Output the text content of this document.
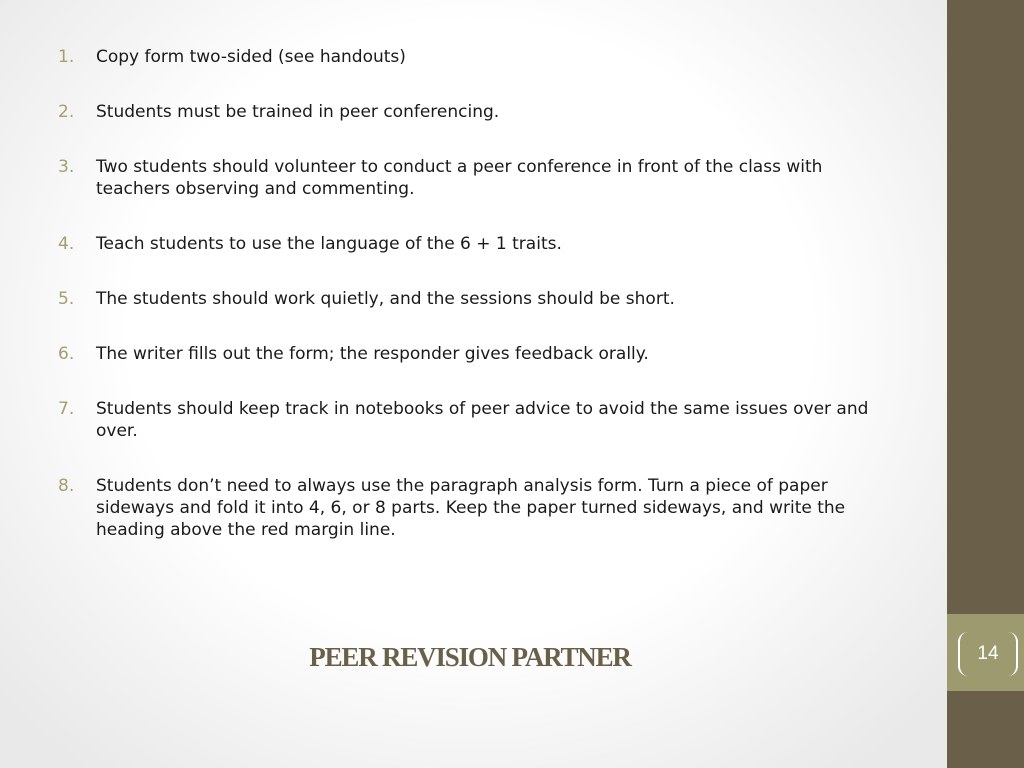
14
1. Copy form two-sided (see handouts)
2. Students must be trained in peer conferencing.
3. Two students should volunteer to conduct a peer conference in front of the class with teachers observing and commenting.
4. Teach students to use the language of the 6 + 1 traits.
5. The students should work quietly, and the sessions should be short.
6. The writer fills out the form; the responder gives feedback orally.
7. Students should keep track in notebooks of peer advice to avoid the same issues over and over.
8. Students don’t need to always use the paragraph analysis form. Turn a piece of paper sideways and fold it into 4, 6, or 8 parts. Keep the paper turned sideways, and write the heading above the red margin line.
PEER REVISION PARTNER
